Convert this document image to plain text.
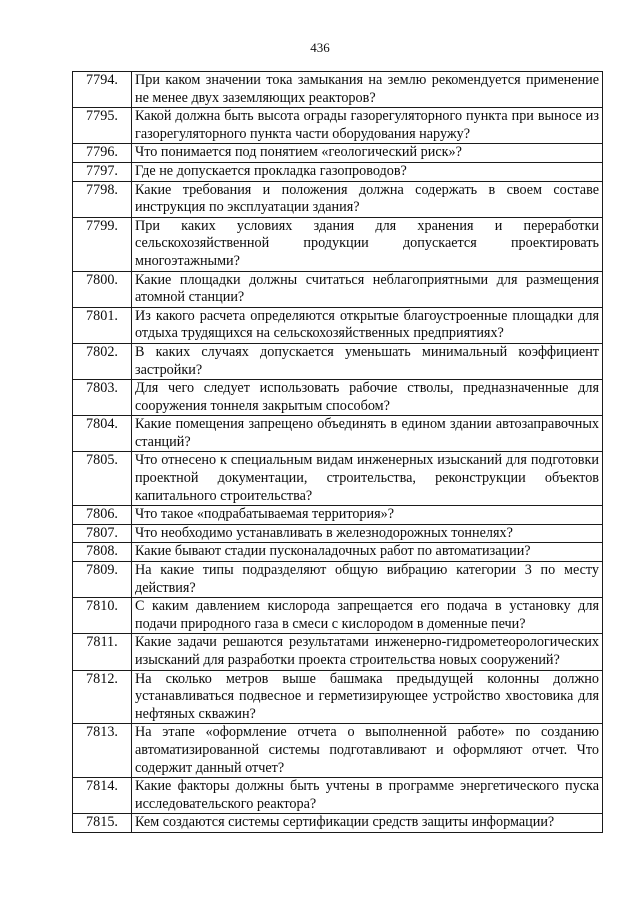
436
7794.	При каком значении тока замыкания на землю рекомендуется применение не менее двух заземляющих реакторов?
7795.	Какой должна быть высота ограды газорегуляторного пункта при выносе из газорегуляторного пункта части оборудования наружу?
7796.	Что понимается под понятием «геологический риск»?
7797.	Где не допускается прокладка газопроводов?
7798.	Какие требования и положения должна содержать в своем составе инструкция по эксплуатации здания?
7799.	При каких условиях здания для хранения и переработки сельскохозяйственной продукции допускается проектировать многоэтажными?
7800.	Какие площадки должны считаться неблагоприятными для размещения атомной станции?
7801.	Из какого расчета определяются открытые благоустроенные площадки для отдыха трудящихся на сельскохозяйственных предприятиях?
7802.	В каких случаях допускается уменьшать минимальный коэффициент застройки?
7803.	Для чего следует использовать рабочие стволы, предназначенные для сооружения тоннеля закрытым способом?
7804.	Какие помещения запрещено объединять в едином здании автозаправочных станций?
7805.	Что отнесено к специальным видам инженерных изысканий для подготовки проектной документации, строительства, реконструкции объектов капитального строительства?
7806.	Что такое «подрабатываемая территория»?
7807.	Что необходимо устанавливать в железнодорожных тоннелях?
7808.	Какие бывают стадии пусконаладочных работ по автоматизации?
7809.	На какие типы подразделяют общую вибрацию категории 3 по месту действия?
7810.	С каким давлением кислорода запрещается его подача в установку для подачи природного газа в смеси с кислородом в доменные печи?
7811.	Какие задачи решаются результатами инженерно-гидрометеорологических изысканий для разработки проекта строительства новых сооружений?
7812.	На сколько метров выше башмака предыдущей колонны должно устанавливаться подвесное и герметизирующее устройство хвостовика для нефтяных скважин?
7813.	На этапе «оформление отчета о выполненной работе» по созданию автоматизированной системы подготавливают и оформляют отчет. Что содержит данный отчет?
7814.	Какие факторы должны быть учтены в программе энергетического пуска исследовательского реактора?
7815.	Кем создаются системы сертификации средств защиты информации?
